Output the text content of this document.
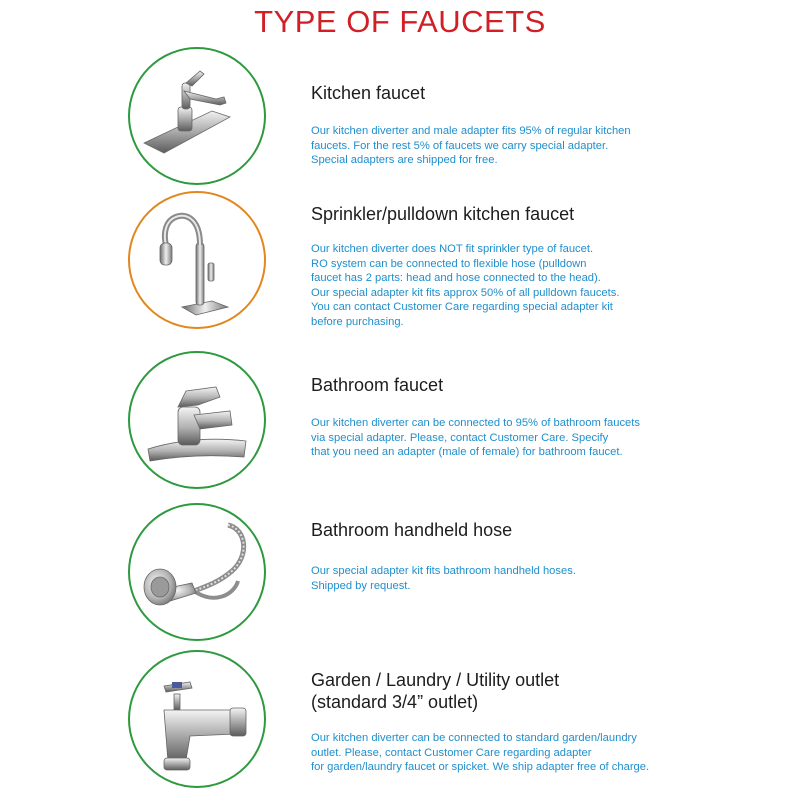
TYPE OF FAUCETS
Kitchen faucet
Our kitchen diverter and male adapter fits 95% of regular kitchen
faucets. For the rest 5% of faucets we carry special adapter.
Special adapters are shipped for free.
Sprinkler/pulldown kitchen faucet
Our kitchen diverter does NOT fit sprinkler type of faucet.
RO system can be connected to flexible hose (pulldown
faucet has 2 parts: head and hose connected to the head).
Our special adapter kit fits approx 50% of all pulldown faucets.
You can contact Customer Care regarding special adapter kit
before purchasing.
Bathroom faucet
Our kitchen diverter can be connected to 95% of bathroom faucets
via special adapter. Please, contact Customer Care. Specify
that you need an adapter (male of female) for bathroom faucet.
Bathroom handheld hose
Our special adapter kit fits bathroom handheld hoses.
Shipped by request.
Garden / Laundry / Utility outlet
(standard 3/4” outlet)
Our kitchen diverter can be connected to standard garden/laundry
outlet. Please, contact Customer Care regarding adapter
for garden/laundry faucet or spicket. We ship adapter free of charge.
